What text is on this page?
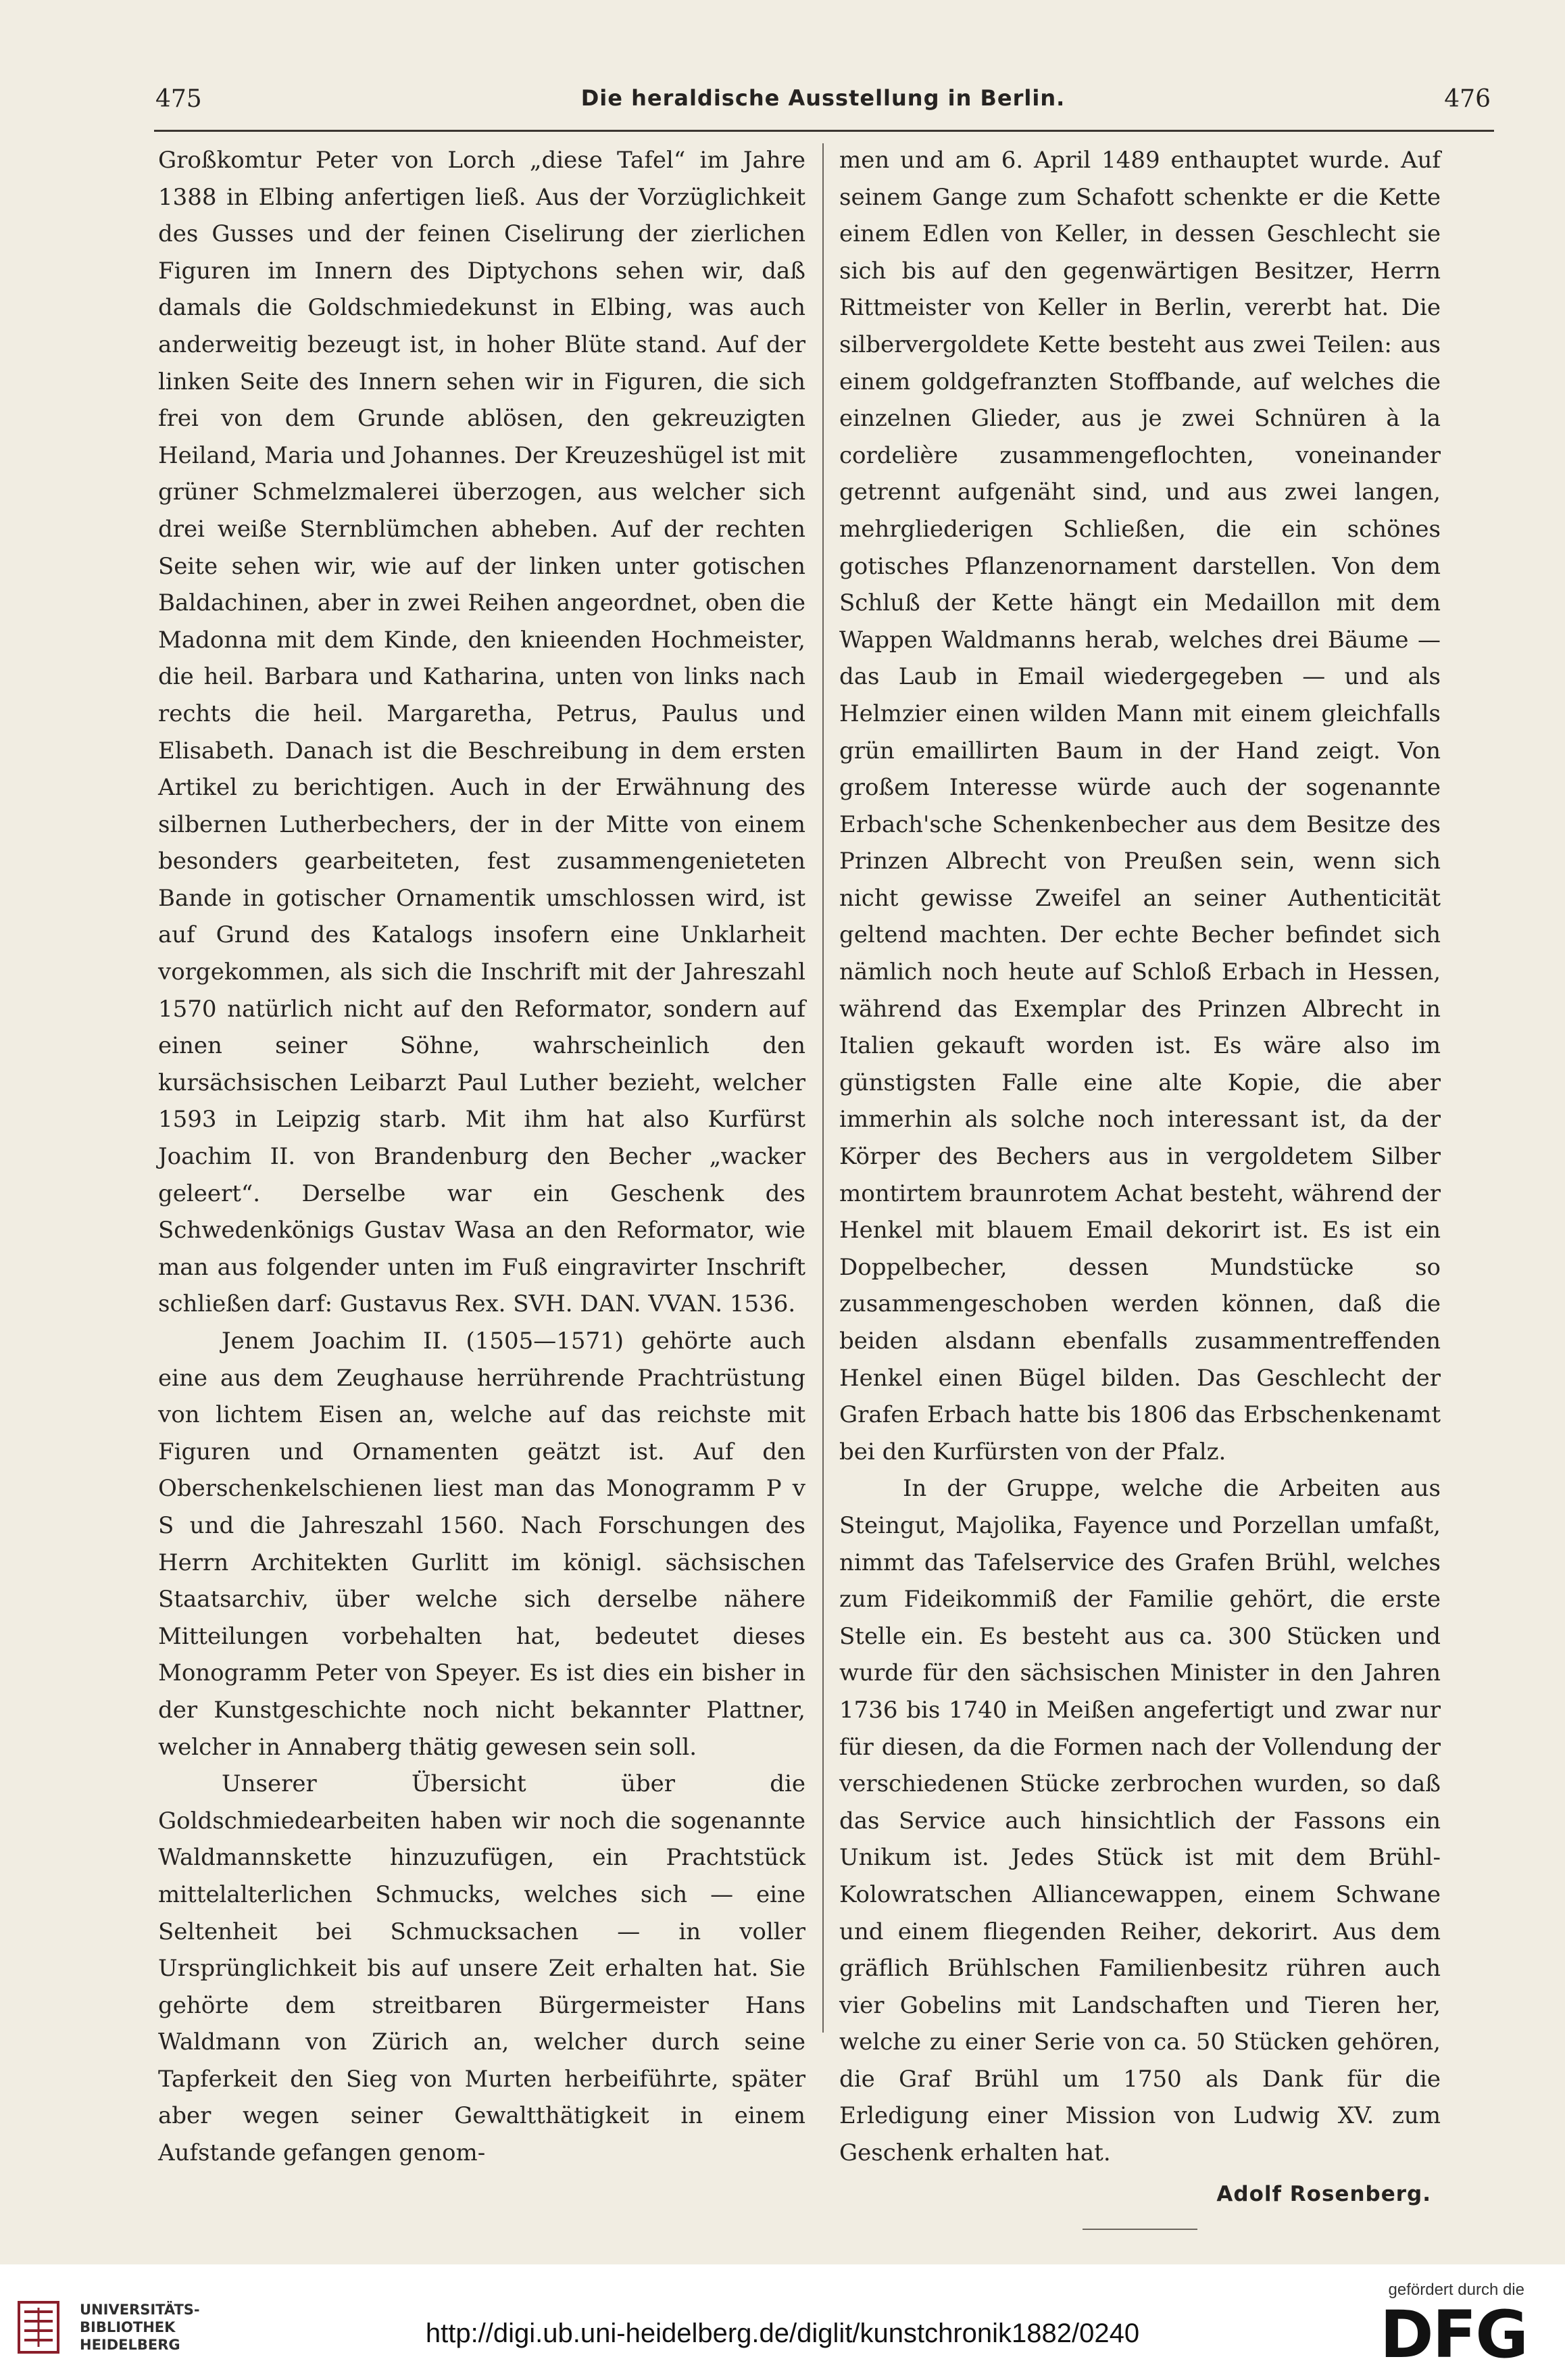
475	Die heraldische Ausstellung in Berlin.	476

Großkomtur Peter von Lorch „diese Tafel“ im Jahre 1388 in Elbing anfertigen ließ. Aus der Vorzüglichkeit des Gusses und der feinen Ciselirung der zierlichen Figuren im Innern des Diptychons sehen wir, daß damals die Goldschmiedekunst in Elbing, was auch anderweitig bezeugt ist, in hoher Blüte stand. Auf der linken Seite des Innern sehen wir in Figuren, die sich frei von dem Grunde ablösen, den gekreuzigten Heiland, Maria und Johannes. Der Kreuzeshügel ist mit grüner Schmelzmalerei überzogen, aus welcher sich drei weiße Sternblümchen abheben. Auf der rechten Seite sehen wir, wie auf der linken unter gotischen Baldachinen, aber in zwei Reihen angeordnet, oben die Madonna mit dem Kinde, den knieenden Hochmeister, die heil. Barbara und Katharina, unten von links nach rechts die heil. Margaretha, Petrus, Paulus und Elisabeth. Danach ist die Beschreibung in dem ersten Artikel zu berichtigen. Auch in der Erwähnung des silbernen Lutherbechers, der in der Mitte von einem besonders gearbeiteten, fest zusammengenieteten Bande in gotischer Ornamentik umschlossen wird, ist auf Grund des Katalogs insofern eine Unklarheit vorgekommen, als sich die Inschrift mit der Jahreszahl 1570 natürlich nicht auf den Reformator, sondern auf einen seiner Söhne, wahrscheinlich den kursächsischen Leibarzt Paul Luther bezieht, welcher 1593 in Leipzig starb. Mit ihm hat also Kurfürst Joachim II. von Brandenburg den Becher „wacker geleert“. Derselbe war ein Geschenk des Schwedenkönigs Gustav Wasa an den Reformator, wie man aus folgender unten im Fuß eingravirter Inschrift schließen darf: Gustavus Rex. SVH. DAN. VVAN. 1536.

Jenem Joachim II. (1505—1571) gehörte auch eine aus dem Zeughause herrührende Prachtrüstung von lichtem Eisen an, welche auf das reichste mit Figuren und Ornamenten geätzt ist. Auf den Oberschenkelschienen liest man das Monogramm P v S und die Jahreszahl 1560. Nach Forschungen des Herrn Architekten Gurlitt im königl. sächsischen Staatsarchiv, über welche sich derselbe nähere Mitteilungen vorbehalten hat, bedeutet dieses Monogramm Peter von Speyer. Es ist dies ein bisher in der Kunstgeschichte noch nicht bekannter Plattner, welcher in Annaberg thätig gewesen sein soll.

Unserer Übersicht über die Goldschmiedearbeiten haben wir noch die sogenannte Waldmannskette hinzuzufügen, ein Prachtstück mittelalterlichen Schmucks, welches sich — eine Seltenheit bei Schmucksachen — in voller Ursprünglichkeit bis auf unsere Zeit erhalten hat. Sie gehörte dem streitbaren Bürgermeister Hans Waldmann von Zürich an, welcher durch seine Tapferkeit den Sieg von Murten herbeiführte, später aber wegen seiner Gewaltthätigkeit in einem Aufstande gefangen genom-

men und am 6. April 1489 enthauptet wurde. Auf seinem Gange zum Schafott schenkte er die Kette einem Edlen von Keller, in dessen Geschlecht sie sich bis auf den gegenwärtigen Besitzer, Herrn Rittmeister von Keller in Berlin, vererbt hat. Die silbervergoldete Kette besteht aus zwei Teilen: aus einem goldgefranzten Stoffbande, auf welches die einzelnen Glieder, aus je zwei Schnüren à la cordelière zusammengeflochten, voneinander getrennt aufgenäht sind, und aus zwei langen, mehrgliederigen Schließen, die ein schönes gotisches Pflanzenornament darstellen. Von dem Schluß der Kette hängt ein Medaillon mit dem Wappen Waldmanns herab, welches drei Bäume — das Laub in Email wiedergegeben — und als Helmzier einen wilden Mann mit einem gleichfalls grün emaillirten Baum in der Hand zeigt. Von großem Interesse würde auch der sogenannte Erbach'sche Schenkenbecher aus dem Besitze des Prinzen Albrecht von Preußen sein, wenn sich nicht gewisse Zweifel an seiner Authenticität geltend machten. Der echte Becher befindet sich nämlich noch heute auf Schloß Erbach in Hessen, während das Exemplar des Prinzen Albrecht in Italien gekauft worden ist. Es wäre also im günstigsten Falle eine alte Kopie, die aber immerhin als solche noch interessant ist, da der Körper des Bechers aus in vergoldetem Silber montirtem braunrotem Achat besteht, während der Henkel mit blauem Email dekorirt ist. Es ist ein Doppelbecher, dessen Mundstücke so zusammengeschoben werden können, daß die beiden alsdann ebenfalls zusammentreffenden Henkel einen Bügel bilden. Das Geschlecht der Grafen Erbach hatte bis 1806 das Erbschenkenamt bei den Kurfürsten von der Pfalz.

In der Gruppe, welche die Arbeiten aus Steingut, Majolika, Fayence und Porzellan umfaßt, nimmt das Tafelservice des Grafen Brühl, welches zum Fideikommiß der Familie gehört, die erste Stelle ein. Es besteht aus ca. 300 Stücken und wurde für den sächsischen Minister in den Jahren 1736 bis 1740 in Meißen angefertigt und zwar nur für diesen, da die Formen nach der Vollendung der verschiedenen Stücke zerbrochen wurden, so daß das Service auch hinsichtlich der Fassons ein Unikum ist. Jedes Stück ist mit dem Brühl-Kolowratschen Alliancewappen, einem Schwane und einem fliegenden Reiher, dekorirt. Aus dem gräflich Brühlschen Familienbesitz rühren auch vier Gobelins mit Landschaften und Tieren her, welche zu einer Serie von ca. 50 Stücken gehören, die Graf Brühl um 1750 als Dank für die Erledigung einer Mission von Ludwig XV. zum Geschenk erhalten hat.

Adolf Rosenberg.
UNIVERSITÄTS-
BIBLIOTHEK
HEIDELBERG	http://digi.ub.uni-heidelberg.de/diglit/kunstchronik1882/0240
gefördert durch die
DFG
